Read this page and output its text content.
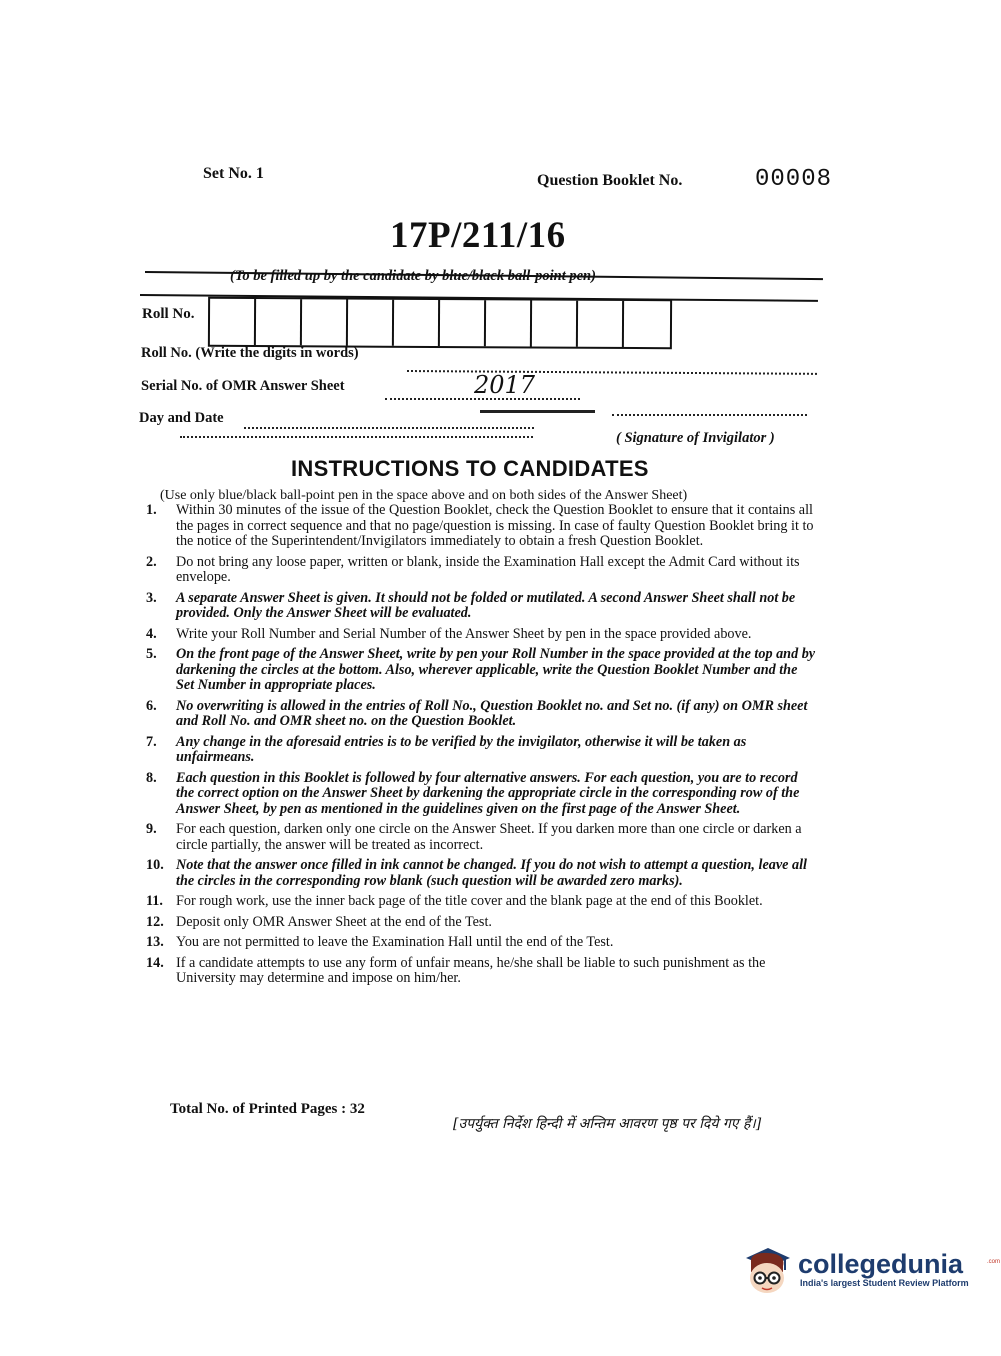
Set No. 1	Question Booklet No.	00008
17P/211/16
(To be filled up by the candidate by blue/black ball-point pen)
Roll No.
Roll No. (Write the digits in words)
Serial No. of OMR Answer Sheet	2017
Day and Date
( Signature of Invigilator )
INSTRUCTIONS TO CANDIDATES
(Use only blue/black ball-point pen in the space above and on both sides of the Answer Sheet)
1.	Within 30 minutes of the issue of the Question Booklet, check the Question Booklet to ensure that it contains all the pages in correct sequence and that no page/question is missing. In case of faulty Question Booklet bring it to the notice of the Superintendent/Invigilators immediately to obtain a fresh Question Booklet.
2.	Do not bring any loose paper, written or blank, inside the Examination Hall except the Admit Card without its envelope.
3.	A separate Answer Sheet is given. It should not be folded or mutilated. A second Answer Sheet shall not be provided. Only the Answer Sheet will be evaluated.
4.	Write your Roll Number and Serial Number of the Answer Sheet by pen in the space provided above.
5.	On the front page of the Answer Sheet, write by pen your Roll Number in the space provided at the top and by darkening the circles at the bottom. Also, wherever applicable, write the Question Booklet Number and the Set Number in appropriate places.
6.	No overwriting is allowed in the entries of Roll No., Question Booklet no. and Set no. (if any) on OMR sheet and Roll No. and OMR sheet no. on the Question Booklet.
7.	Any change in the aforesaid entries is to be verified by the invigilator, otherwise it will be taken as unfairmeans.
8.	Each question in this Booklet is followed by four alternative answers. For each question, you are to record the correct option on the Answer Sheet by darkening the appropriate circle in the corresponding row of the Answer Sheet, by pen as mentioned in the guidelines given on the first page of the Answer Sheet.
9.	For each question, darken only one circle on the Answer Sheet. If you darken more than one circle or darken a circle partially, the answer will be treated as incorrect.
10. Note that the answer once filled in ink cannot be changed. If you do not wish to attempt a question, leave all the circles in the corresponding row blank (such question will be awarded zero marks).
11. For rough work, use the inner back page of the title cover and the blank page at the end of this Booklet.
12. Deposit only OMR Answer Sheet at the end of the Test.
13. You are not permitted to leave the Examination Hall until the end of the Test.
14. If a candidate attempts to use any form of unfair means, he/she shall be liable to such punishment as the University may determine and impose on him/her.
Total No. of Printed Pages : 32
[उपर्युक्त निर्देश हिन्दी में अन्तिम आवरण पृष्ठ पर दिये गए हैं।]
collegedunia
India's largest Student Review Platform
.com
